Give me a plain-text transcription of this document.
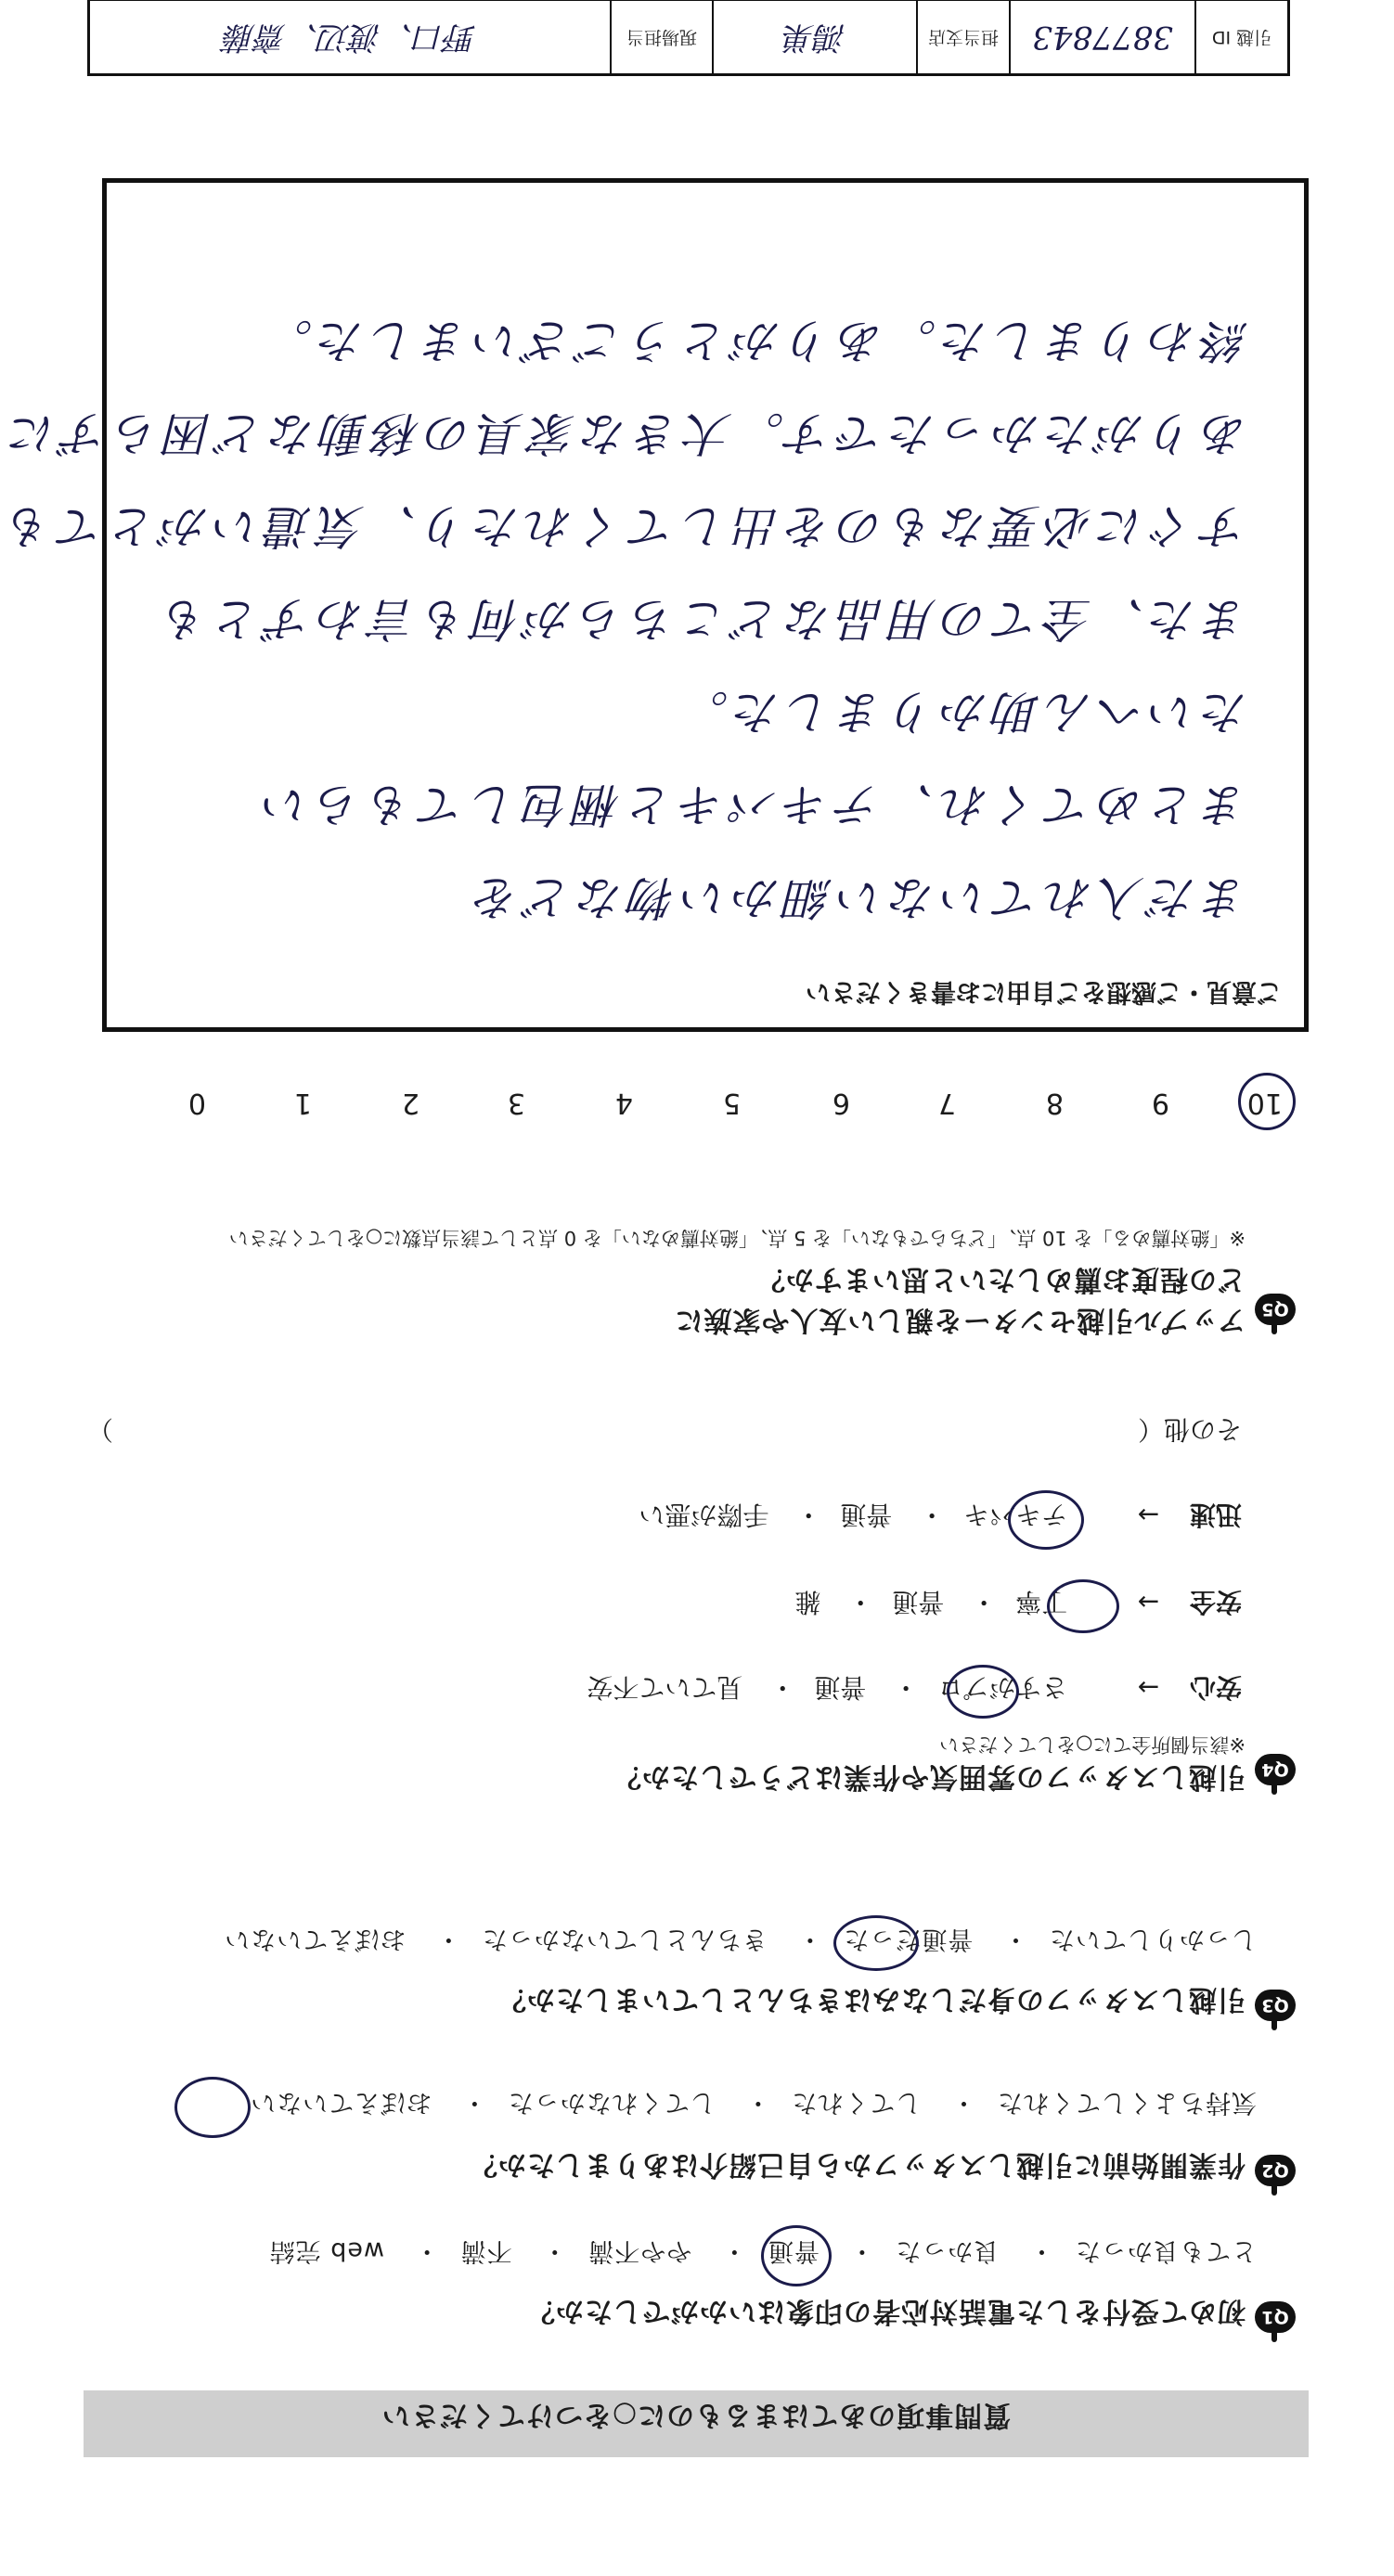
質問事項のあてはまるものに○をつけてください
Q1
初めて受付をした電話対応者の印象はいかがでしたか？
とても良かった・ 良かった・ 普通・ やや不満・ 不満・ web 完結
Q2
作業開始前に引越しスタッフから自己紹介はありましたか？
気持ちよくしてくれた・ してくれた・ してくれなかった・ おぼえていない
Q3
引越しスタッフの身だしなみはきちんとしていましたか？
しっかりしていた・ 普通だった・ きちんとしていなかった・ おぼえていない
Q4
引越しスタッフの雰囲気や作業はどうでしたか？
※該当個所全てに○をしてください
安心 → さすがプロ・ 普通・ 見ていて不安
安全 → 丁寧・ 普通・ 雑
迅速 → テキパキ・ 普通・ 手際が悪い
その他（
）
Q5
アップル引越センターを親しい友人や家族に
どの程度お薦めしたいと思いますか？
※「絶対薦める」を 10 点、「どちらでもない」を 5 点、「絶対薦めない」を 0 点として該当点数に○をしてください
10
9
8
7
6
5
4
3
2
1
0
ご意見・ご感想をご自由にお書きください
まだ入れていない細かい物などを
まとめてくれ、テキパキと梱包してもらい
たいへん助かりました。
また、全ての用品などこちらが何も言わずとも
すぐに必要なものを出してくれたり、気遣いがとても
ありがたかったです。大きな家具の移動など困らずに
終わりました。ありがとうございました。
引越 ID
3877843
担当支店
鴻巣
現場担当
野口、渡辺、齋藤
